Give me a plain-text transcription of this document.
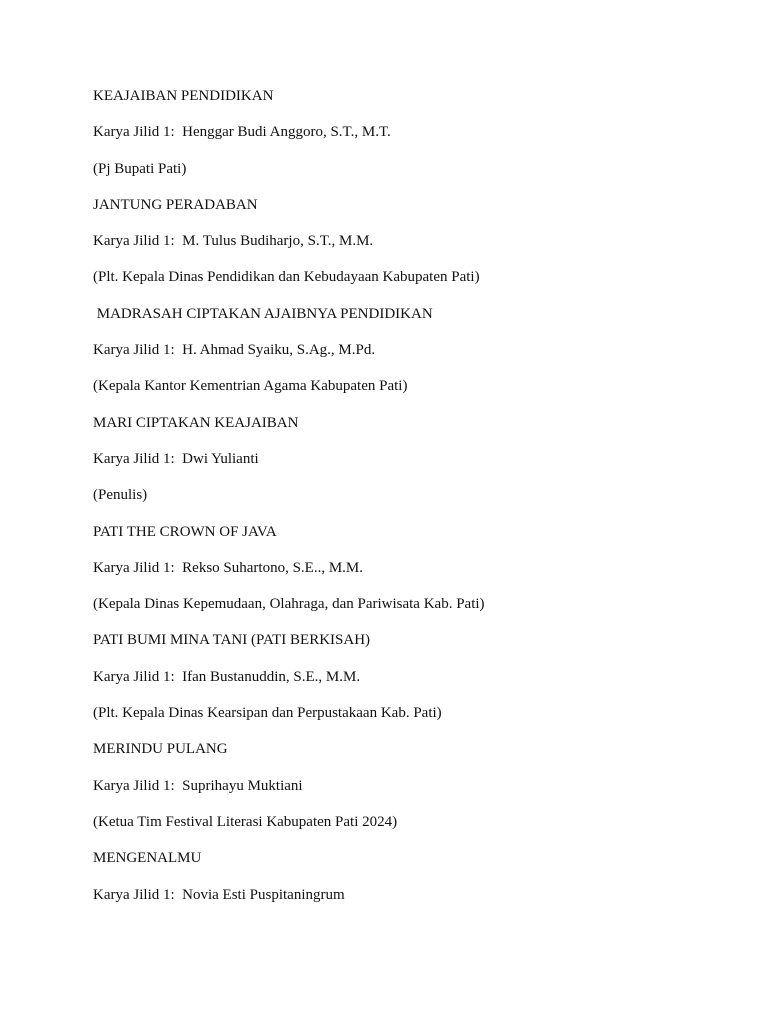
KEAJAIBAN PENDIDIKAN
Karya Jilid 1:  Henggar Budi Anggoro, S.T., M.T.
(Pj Bupati Pati)
JANTUNG PERADABAN
Karya Jilid 1:  M. Tulus Budiharjo, S.T., M.M.
(Plt. Kepala Dinas Pendidikan dan Kebudayaan Kabupaten Pati)
MADRASAH CIPTAKAN AJAIBNYA PENDIDIKAN
Karya Jilid 1:  H. Ahmad Syaiku, S.Ag., M.Pd.
(Kepala Kantor Kementrian Agama Kabupaten Pati)
MARI CIPTAKAN KEAJAIBAN
Karya Jilid 1:  Dwi Yulianti
(Penulis)
PATI THE CROWN OF JAVA
Karya Jilid 1:  Rekso Suhartono, S.E.., M.M.
(Kepala Dinas Kepemudaan, Olahraga, dan Pariwisata Kab. Pati)
PATI BUMI MINA TANI (PATI BERKISAH)
Karya Jilid 1:  Ifan Bustanuddin, S.E., M.M.
(Plt. Kepala Dinas Kearsipan dan Perpustakaan Kab. Pati)
MERINDU PULANG
Karya Jilid 1:  Suprihayu Muktiani
(Ketua Tim Festival Literasi Kabupaten Pati 2024)
MENGENALMU
Karya Jilid 1:  Novia Esti Puspitaningrum
